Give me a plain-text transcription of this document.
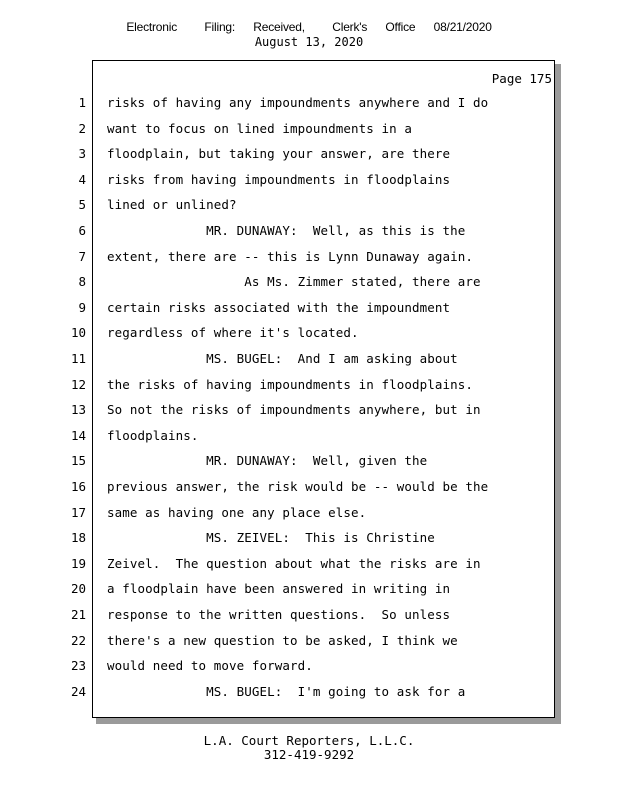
Electronic   Filing:  Received,   Clerk's  Office  08/21/2020
August 13, 2020
Page 175
1 risks of having any impoundments anywhere and I do
2 want to focus on lined impoundments in a
3 floodplain, but taking your answer, are there
4 risks from having impoundments in floodplains
5 lined or unlined?
6 MR. DUNAWAY:  Well, as this is the
7 extent, there are -- this is Lynn Dunaway again.
8 As Ms. Zimmer stated, there are
9 certain risks associated with the impoundment
10 regardless of where it's located.
11 MS. BUGEL:  And I am asking about
12 the risks of having impoundments in floodplains.
13 So not the risks of impoundments anywhere, but in
14 floodplains.
15 MR. DUNAWAY:  Well, given the
16 previous answer, the risk would be -- would be the
17 same as having one any place else.
18 MS. ZEIVEL:  This is Christine
19 Zeivel.  The question about what the risks are in
20 a floodplain have been answered in writing in
21 response to the written questions.  So unless
22 there's a new question to be asked, I think we
23 would need to move forward.
24 MS. BUGEL:  I'm going to ask for a
L.A. Court Reporters, L.L.C.
312-419-9292
